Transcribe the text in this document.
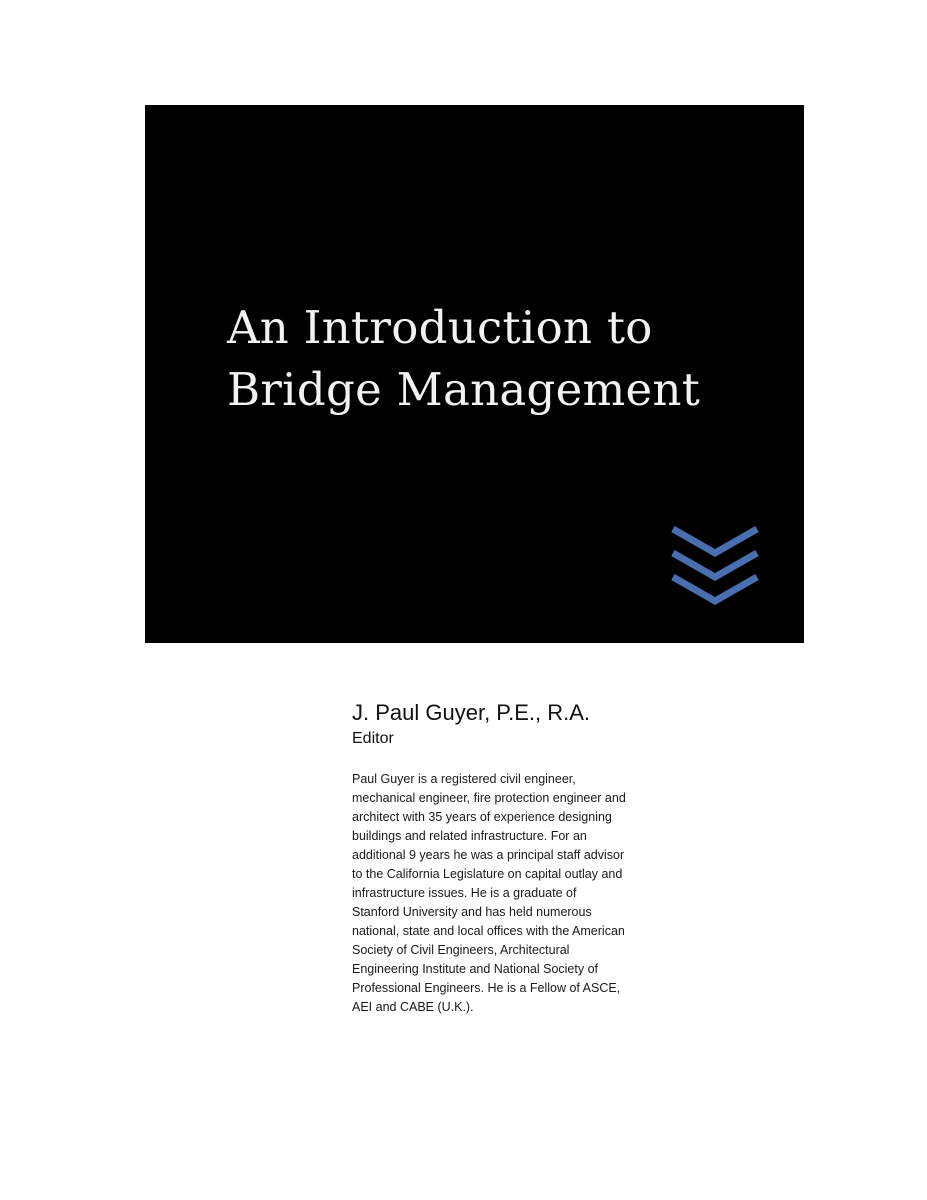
An Introduction to
Bridge Management

J. Paul Guyer, P.E., R.A.

Editor

Paul Guyer is a registered civil engineer,
mechanical engineer, fire protection engineer and
architect with 35 years of experience designing
buildings and related infrastructure. For an
additional 9 years he was a principal staff advisor
to the California Legislature on capital outlay and
infrastructure issues. He is a graduate of
Stanford University and has held numerous
national, state and local offices with the American
Society of Civil Engineers, Architectural
Engineering Institute and National Society of
Professional Engineers. He is a Fellow of ASCE,
AEI and CABE (U.K.).
